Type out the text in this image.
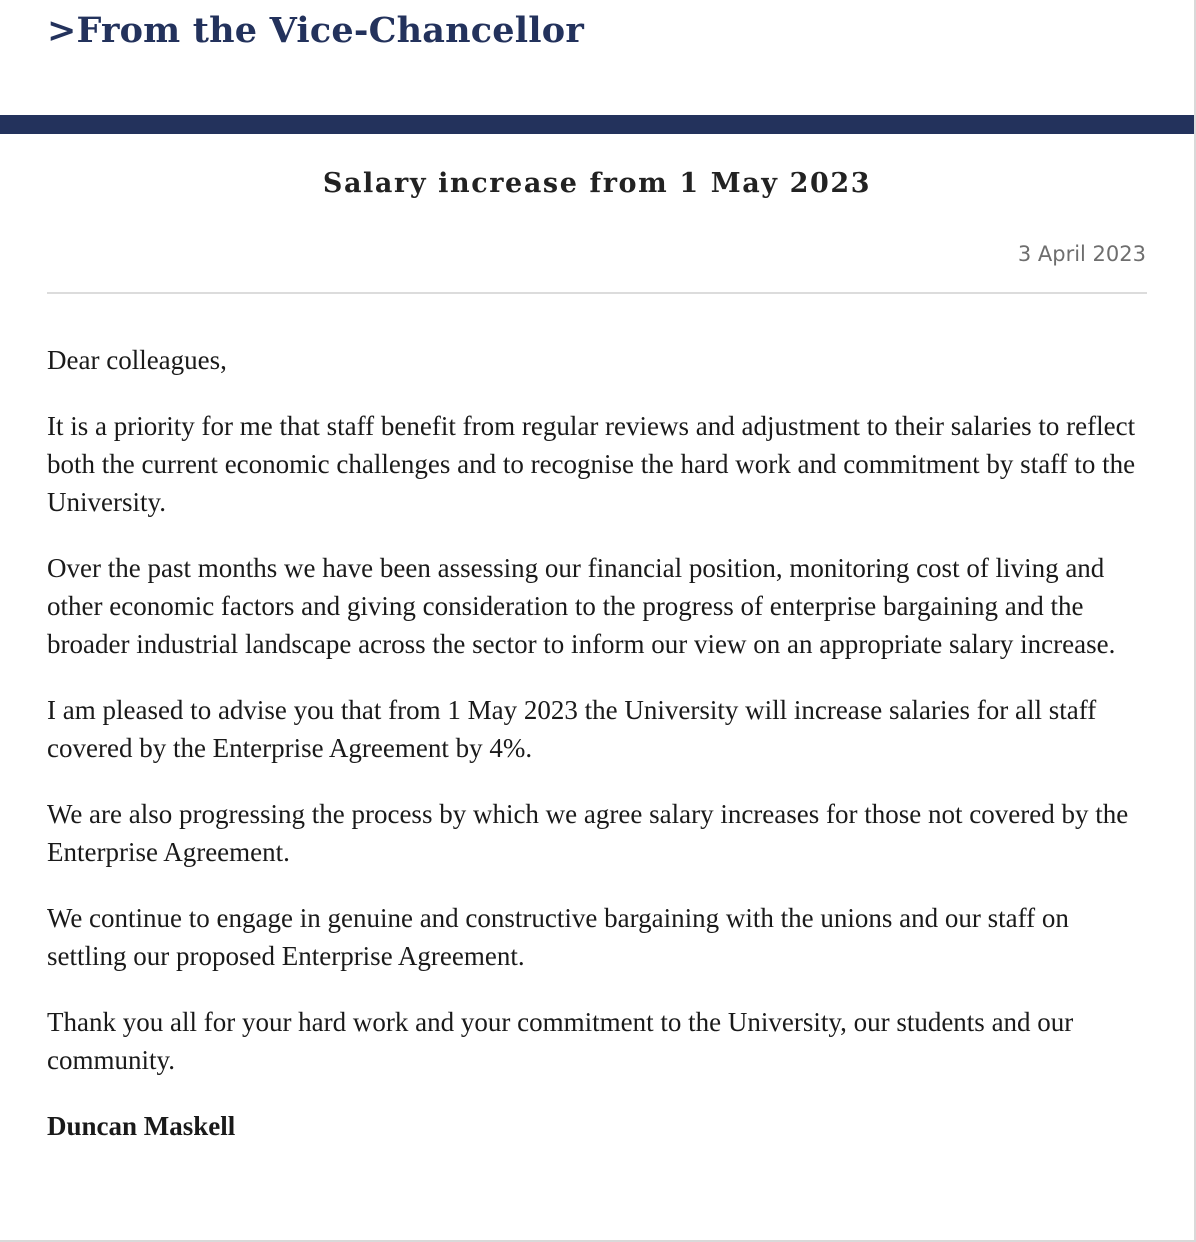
>From the Vice-Chancellor
Salary increase from 1 May 2023
3 April 2023

Dear colleagues,

It is a priority for me that staff benefit from regular reviews and adjustment to their salaries to reflect both the current economic challenges and to recognise the hard work and commitment by staff to the University.

Over the past months we have been assessing our financial position, monitoring cost of living and other economic factors and giving consideration to the progress of enterprise bargaining and the broader industrial landscape across the sector to inform our view on an appropriate salary increase.

I am pleased to advise you that from 1 May 2023 the University will increase salaries for all staff covered by the Enterprise Agreement by 4%.

We are also progressing the process by which we agree salary increases for those not covered by the Enterprise Agreement.

We continue to engage in genuine and constructive bargaining with the unions and our staff on settling our proposed Enterprise Agreement.

Thank you all for your hard work and your commitment to the University, our students and our community.

Duncan Maskell
